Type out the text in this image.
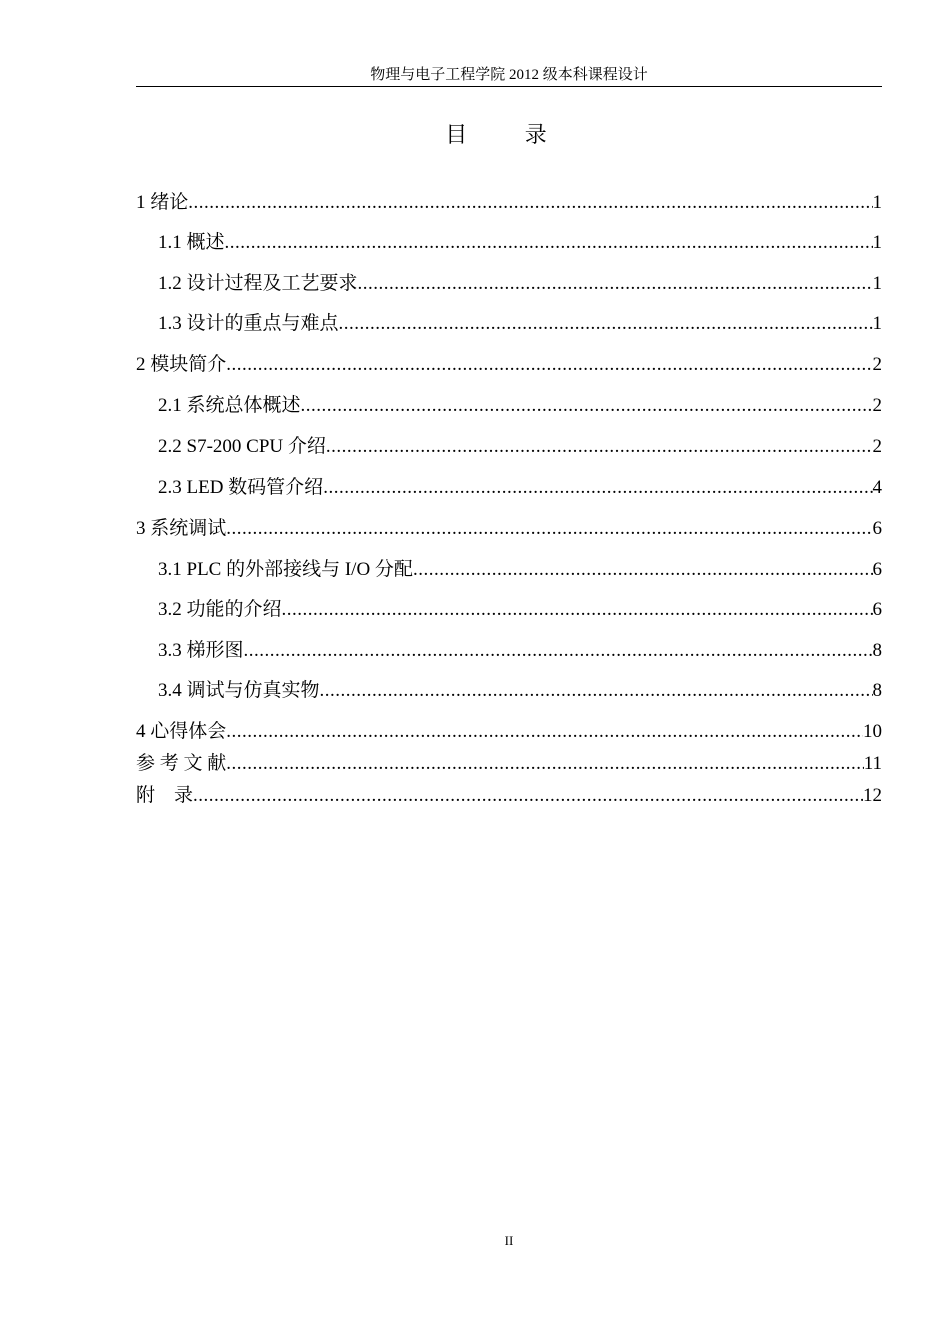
物理与电子工程学院 2012 级本科课程设计
目 录
1 绪论 .....	1
1.1 概述 .....	1
1.2 设计过程及工艺要求 .....	1
1.3 设计的重点与难点 .....	1
2 模块简介 .....	2
2.1 系统总体概述 .....	2
2.2 S7-200 CPU 介绍 .....	2
2.3 LED 数码管介绍 .....	4
3 系统调试 .....	6
3.1 PLC 的外部接线与 I/O 分配 .....	6
3.2 功能的介绍 .....	6
3.3 梯形图 .....	8
3.4 调试与仿真实物 .....	8
4 心得体会 .....	10
参 考 文 献 .....	11
附    录 .....	12
II
